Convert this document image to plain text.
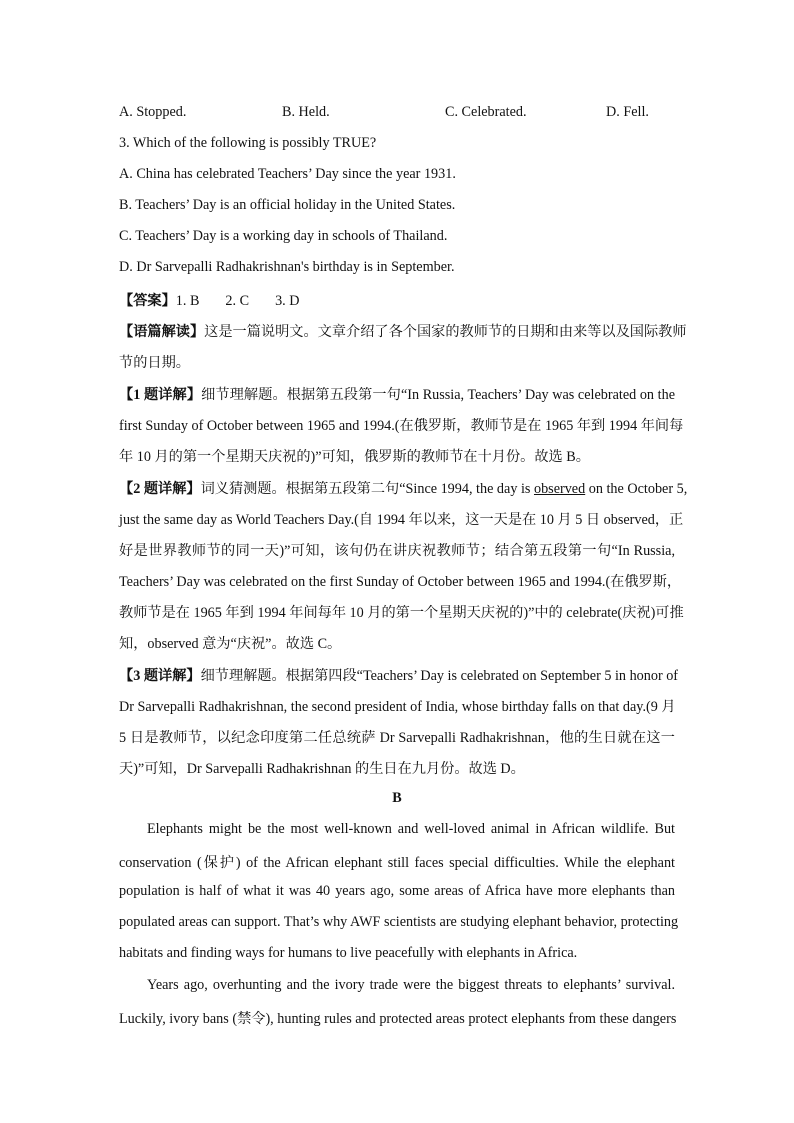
A. Stopped.	B. Held.	C. Celebrated.	D. Fell.
3. Which of the following is possibly TRUE?
A. China has celebrated Teachers’ Day since the year 1931.
B. Teachers’ Day is an official holiday in the United States.
C. Teachers’ Day is a working day in schools of Thailand.
D. Dr Sarvepalli Radhakrishnan's birthday is in September.
【答案】1. B 2. C 3. D
【语篇解读】这是一篇说明文。文章介绍了各个国家的教师节的日期和由来等以及国际教师
节的日期。
【1 题详解】细节理解题。根据第五段第一句“In Russia, Teachers’ Day was celebrated on the
first Sunday of October between 1965 and 1994.(在俄罗斯，教师节是在 1965 年到 1994 年间每
年 10 月的第一个星期天庆祝的)”可知，俄罗斯的教师节在十月份。故选 B。
【2 题详解】词义猜测题。根据第五段第二句“Since 1994, the day is observed on the October 5,
just the same day as World Teachers Day.(自 1994 年以来，这一天是在 10 月 5 日 observed，正
好是世界教师节的同一天)”可知，该句仍在讲庆祝教师节；结合第五段第一句“In Russia,
Teachers’ Day was celebrated on the first Sunday of October between 1965 and 1994.(在俄罗斯，
教师节是在 1965 年到 1994 年间每年 10 月的第一个星期天庆祝的)”中的 celebrate(庆祝)可推
知，observed 意为“庆祝”。故选 C。
【3 题详解】细节理解题。根据第四段“Teachers’ Day is celebrated on September 5 in honor of
Dr Sarvepalli Radhakrishnan, the second president of India, whose birthday falls on that day.(9 月
5 日是教师节，以纪念印度第二任总统萨 Dr Sarvepalli Radhakrishnan，他的生日就在这一
天)”可知，Dr Sarvepalli Radhakrishnan 的生日在九月份。故选 D。
B
Elephants might be the most well-known and well-loved animal in African wildlife. But
conservation (保护) of the African elephant still faces special difficulties. While the elephant
population is half of what it was 40 years ago, some areas of Africa have more elephants than
populated areas can support. That’s why AWF scientists are studying elephant behavior, protecting
habitats and finding ways for humans to live peacefully with elephants in Africa.
Years ago, overhunting and the ivory trade were the biggest threats to elephants’ survival.
Luckily, ivory bans (禁令), hunting rules and protected areas protect elephants from these dangers
